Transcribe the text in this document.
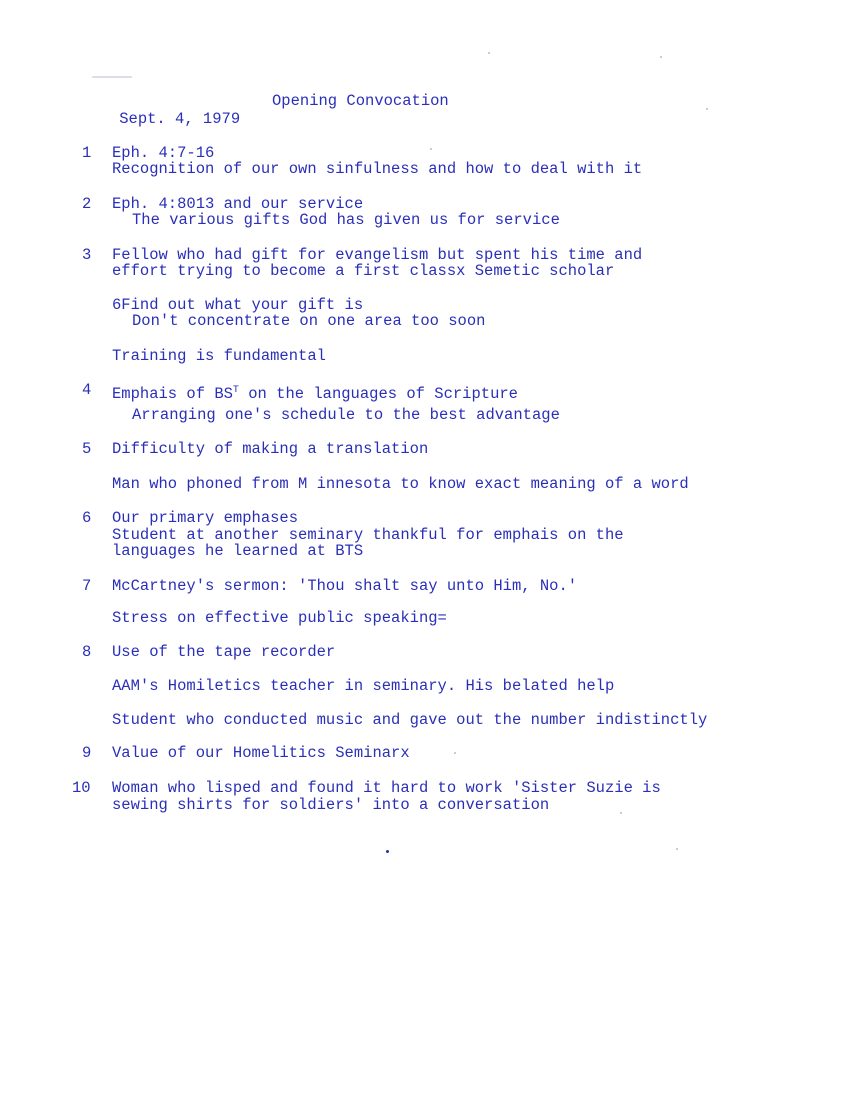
Sept. 4, 1979

Opening Convocation

1 Eph. 4:7-16
Recognition of our own sinfulness and how to deal with it
2 Eph. 4:8013 and our service
The various gifts God has given us for service
3 Fellow who had gift for evangelism but spent his time and
effort trying to become a first classx Semetic scholar
6Find out what your gift is
Don't concentrate on one area too soon
Training is fundamental
4 Emphais of $BS^T$ on the languages of Scripture
Arranging one's schedule to the best advantage
5 Difficulty of making a translation
Man who phoned from M innesota to know exact meaning of a word
6 Our primary emphases
Student at another seminary thankful for emphais on the
languages he learned at BTS
7 McCartney's sermon: 'Thou shalt say unto Him, No.'
Stress on effective public speaking=
8 Use of the tape recorder
AAM's Homiletics teacher in seminary. His belated help
Student who conducted music and gave out the number indistinctly
9 Value of our Homelitics Seminarx
10 Woman who lisped and found it hard to work 'Sister Suzie is
sewing shirts for soldiers' into a conversation
